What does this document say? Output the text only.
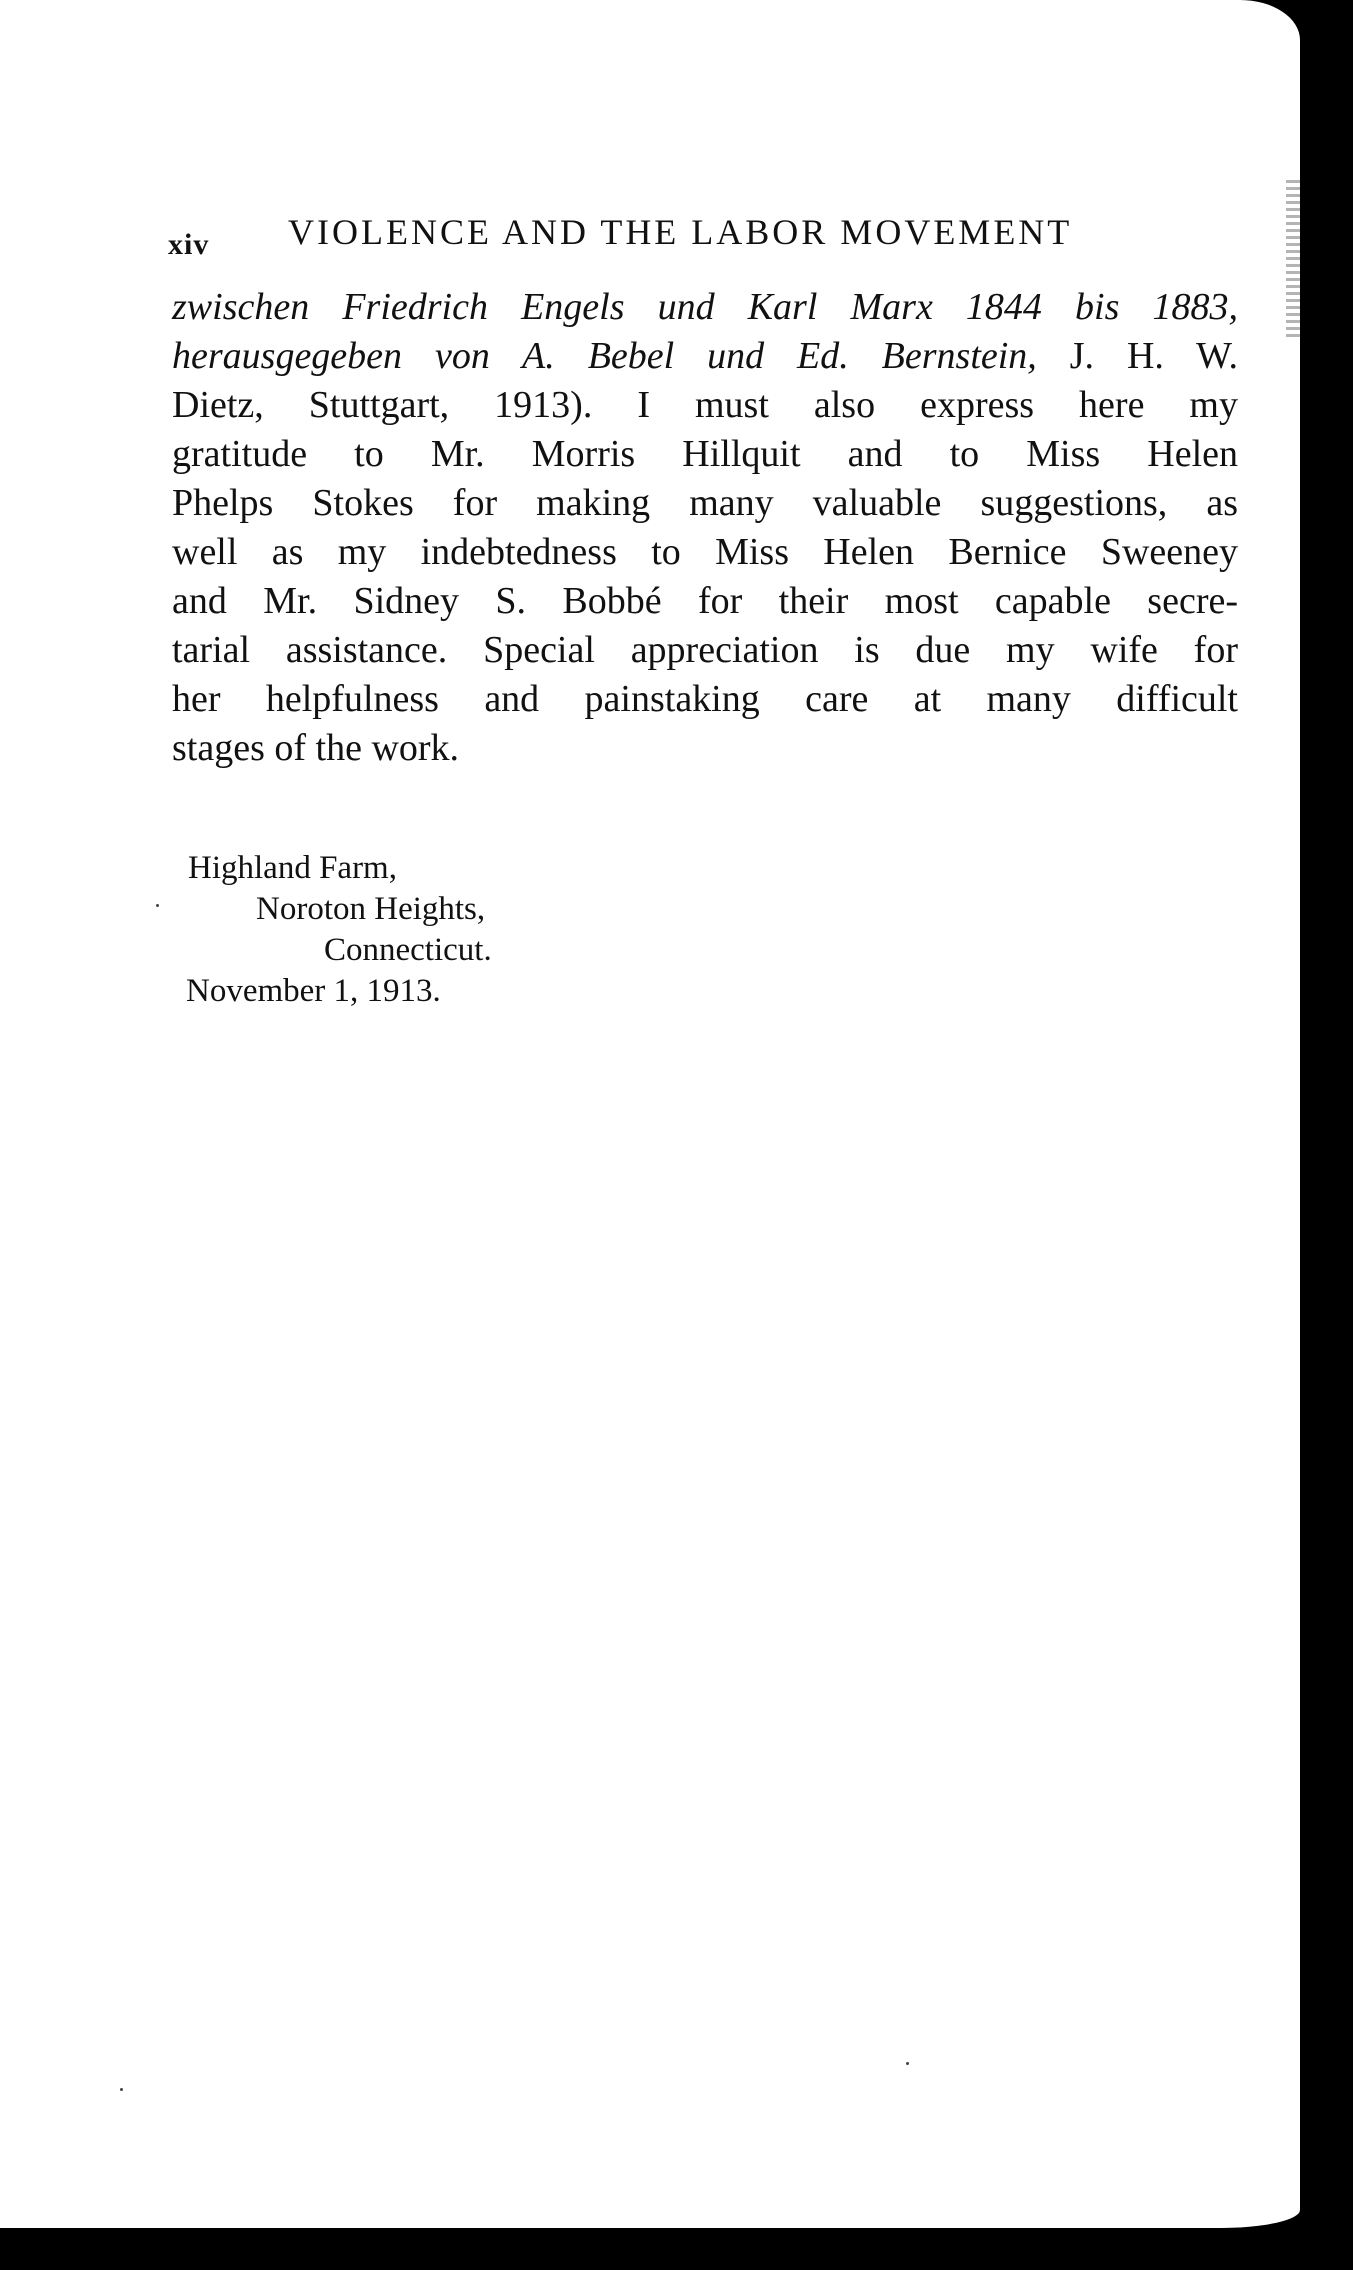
xiv VIOLENCE AND THE LABOR MOVEMENT
zwischen Friedrich Engels und Karl Marx 1844 bis 1883,
herausgegeben von A. Bebel und Ed. Bernstein, J. H. W.
Dietz, Stuttgart, 1913). I must also express here my
gratitude to Mr. Morris Hillquit and to Miss Helen
Phelps Stokes for making many valuable suggestions, as
well as my indebtedness to Miss Helen Bernice Sweeney
and Mr. Sidney S. Bobbé for their most capable secre-
tarial assistance. Special appreciation is due my wife for
her helpfulness and painstaking care at many difficult
stages of the work.
Highland Farm,
Noroton Heights,
Connecticut.
November 1, 1913.
